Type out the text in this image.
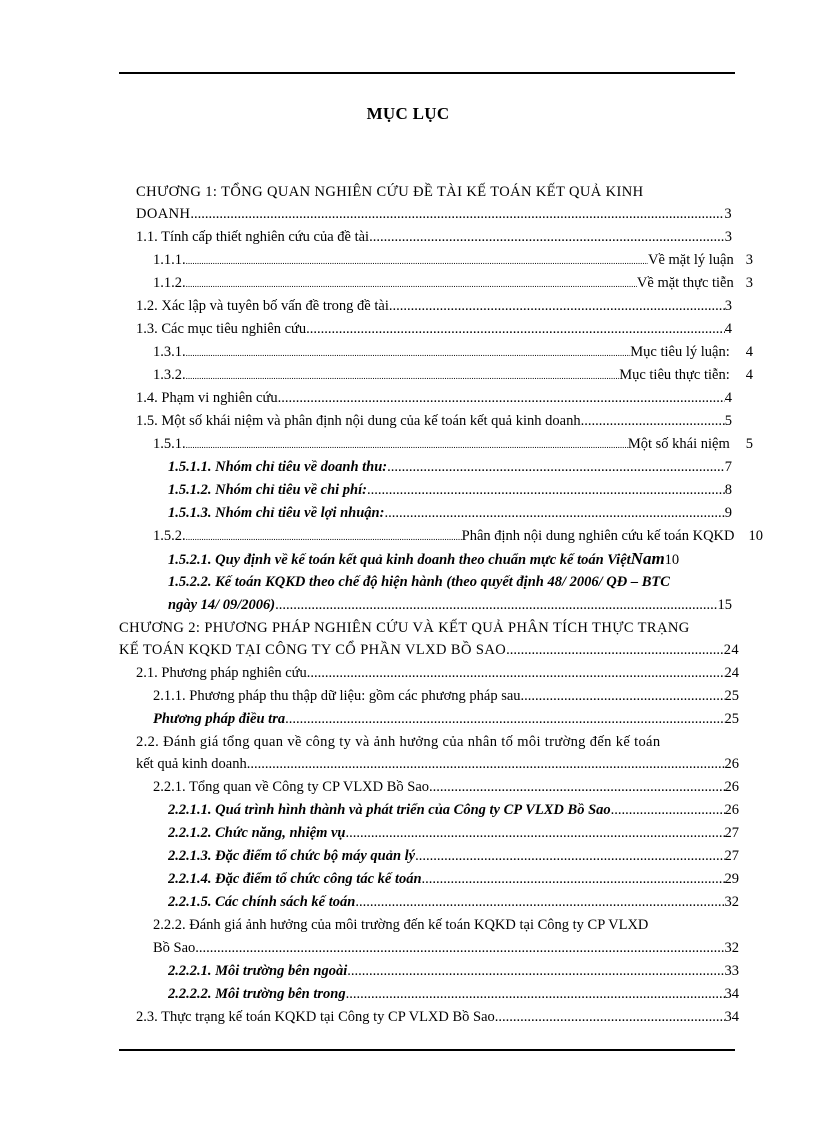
MỤC LỤC
CHƯƠNG 1: TỔNG QUAN NGHIÊN CỨU ĐỀ TÀI KẾ TOÁN KẾT QUẢ KINH
DOANH .....	3
1.1. Tính cấp thiết nghiên cứu của đề tài .....	3
1.1.1. .....	Về mặt lý luận 3
1.1.2. .....	Về mặt thực tiễn 3
1.2. Xác lập và tuyên bố vấn đề trong đề tài .....	3
1.3. Các mục tiêu nghiên cứu .....	4
1.3.1. .....	Mục tiêu lý luận: 4
1.3.2. .....	Mục tiêu thực tiễn: 4
1.4. Phạm vi nghiên cứu .....	4
1.5. Một số khái niệm và phân định nội dung của kế toán kết quả kinh doanh .....	5
1.5.1. .....	Một số khái niệm 5
1.5.1.1. Nhóm chỉ tiêu về doanh thu: .....	7
1.5.1.2. Nhóm chỉ tiêu về chi phí: .....	8
1.5.1.3. Nhóm chỉ tiêu về lợi nhuận: .....	9
1.5.2. .....	Phân định nội dung nghiên cứu kế toán KQKD 10
1.5.2.1. Quy định về kế toán kết quả kinh doanh theo chuẩn mực kế toán Việt Nam 10
1.5.2.2. Kế toán KQKD theo chế độ hiện hành (theo quyết định 48/ 2006/ QĐ – BTC
ngày 14/ 09/2006) .....	15
CHƯƠNG 2: PHƯƠNG PHÁP NGHIÊN CỨU VÀ KẾT QUẢ PHÂN TÍCH THỰC TRẠNG
KẾ TOÁN KQKD TẠI CÔNG TY CỔ PHẦN VLXD BỒ SAO .....	24
2.1. Phương pháp nghiên cứu .....	24
2.1.1. Phương pháp thu thập dữ liệu: gồm các phương pháp sau .....	25
Phương pháp điều tra .....	25
2.2. Đánh giá tổng quan về công ty và ảnh hưởng của nhân tố môi trường đến kế toán
kết quả kinh doanh. .....	26
2.2.1. Tổng quan về Công ty CP VLXD Bồ Sao .....	26
2.2.1.1. Quá trình hình thành và phát triển của Công ty CP VLXD Bồ Sao .....	26
2.2.1.2. Chức năng, nhiệm vụ .....	27
2.2.1.3. Đặc điểm tổ chức bộ máy quản lý .....	27
2.2.1.4. Đặc điểm tổ chức công tác kế toán .....	29
2.2.1.5. Các chính sách kế toán .....	32
2.2.2. Đánh giá ảnh hưởng của môi trường đến kế toán KQKD tại Công ty CP VLXD
Bồ Sao .....	32
2.2.2.1. Môi trường bên ngoài .....	33
2.2.2.2. Môi trường bên trong .....	34
2.3. Thực trạng kế toán KQKD tại Công ty CP VLXD Bồ Sao .....	34
